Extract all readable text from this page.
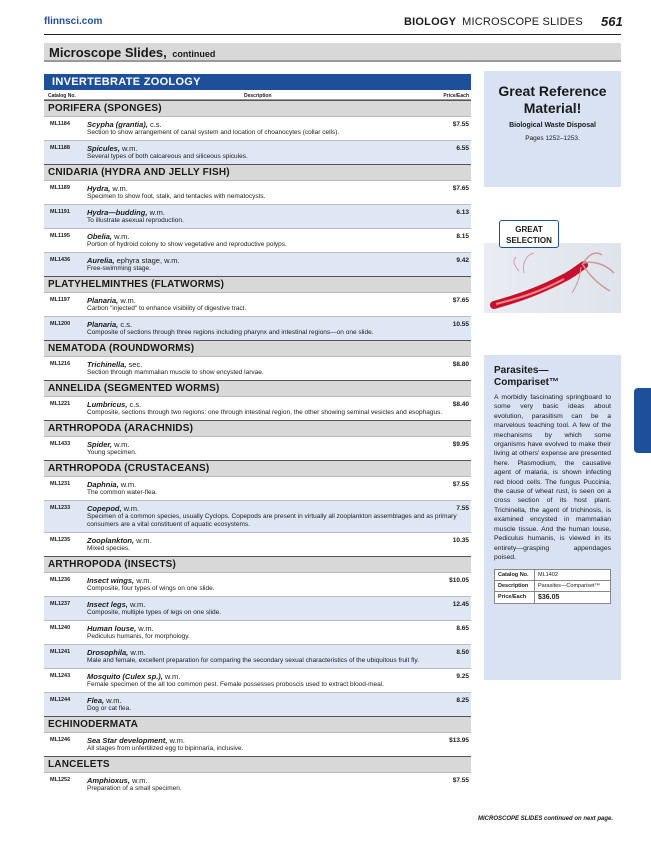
flinnsci.com	BIOLOGY MICROSCOPE SLIDES 561
Microscope Slides, continued
INVERTEBRATE ZOOLOGY
Catalog No.	Description	Price/Each
PORIFERA (SPONGES)
ML1184 Scypha (grantia), c.s.
Section to show arrangement of canal system and location of choanocytes (collar cells).
$7.55
ML1188 Spicules, w.m.
Several types of both calcareous and siliceous spicules.
6.55
CNIDARIA (HYDRA AND JELLY FISH)
ML1189 Hydra, w.m.
Specimen to show foot, stalk, and tentacles with nematocysts.
$7.65
ML1191 Hydra—budding, w.m.
To illustrate asexual reproduction.
6.13
ML1195 Obelia, w.m.
Portion of hydroid colony to show vegetative and reproductive polyps.
8.15
ML1436 Aurelia, ephyra stage, w.m.
Free-swimming stage.
9.42
PLATYHELMINTHES (FLATWORMS)
ML1197 Planaria, w.m.
Carbon "injected" to enhance visibility of digestive tract.
$7.65
ML1200 Planaria, c.s.
Composite of sections through three regions including pharynx and intestinal regions—on one slide.
10.55
NEMATODA (ROUNDWORMS)
ML1216 Trichinella, sec.
Section through mammalian muscle to show encysted larvae.
$8.80
ANNELIDA (SEGMENTED WORMS)
ML1221 Lumbricus, c.s.
Composite, sections through two regions: one through intestinal region, the other showing seminal vesicles and esophagus.
$8.40
ARTHROPODA (ARACHNIDS)
ML1433 Spider, w.m.
Young specimen.
$9.95
ARTHROPODA (CRUSTACEANS)
ML1231 Daphnia, w.m.
The common water-flea.
$7.55
ML1233 Copepod, w.m.
Specimen of a common species, usually Cyclops. Copepods are present in virtually all zooplankton assemblages and as primary consumers are a vital constituent of aquatic ecosystems.
7.55
ML1235 Zooplankton, w.m.
Mixed species.
10.35
ARTHROPODA (INSECTS)
ML1236 Insect wings, w.m.
Composite, four types of wings on one slide.
$10.05
ML1237 Insect legs, w.m.
Composite, multiple types of legs on one slide.
12.45
ML1240 Human louse, w.m.
Pediculus humanis, for morphology.
8.65
ML1241 Drosophila, w.m.
Male and female, excellent preparation for comparing the secondary sexual characteristics of the ubiquitous fruit fly.
8.50
ML1243 Mosquito (Culex sp.), w.m.
Female specimen of the all too common pest. Female possesses proboscis used to extract blood-meal.
9.25
ML1244 Flea, w.m.
Dog or cat flea.
8.25
ECHINODERMATA
ML1246 Sea Star development, w.m.
All stages from unfertilized egg to bipinnaria, inclusive.
$13.95
LANCELETS
ML1252 Amphioxus, w.m.
Preparation of a small specimen.
$7.55
Great Reference Material!
Biological Waste Disposal
Pages 1252–1253.
GREAT SELECTION
Parasites—Compariset™
A morbidly fascinating springboard to some very basic ideas about evolution, parasitism can be a marvelous teaching tool. A few of the mechanisms by which some organisms have evolved to make their living at others' expense are presented here. Plasmodium, the causative agent of malaria, is shown infecting red blood cells. The fungus Puccinia, the cause of wheat rust, is seen on a cross section of its host plant. Trichinella, the agent of trichinosis, is examined encysted in mammalian muscle tissue. And the human louse, Pediculus humanis, is viewed in its entirety—grasping appendages poised.
Catalog No.	ML1402
Description	Parasites—Compariset™
Price/Each	$36.05
MICROSCOPE SLIDES continued on next page.
